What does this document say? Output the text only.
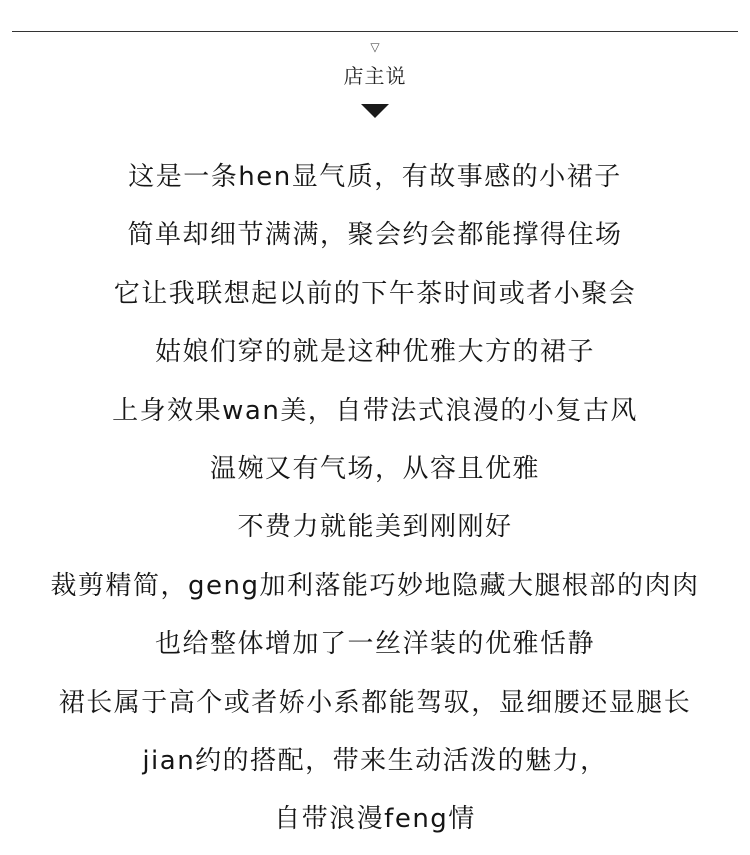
▽
店主说
这是一条hen显气质，有故事感的小裙子
简单却细节满满，聚会约会都能撑得住场
它让我联想起以前的下午茶时间或者小聚会
姑娘们穿的就是这种优雅大方的裙子
上身效果wan美，自带法式浪漫的小复古风
温婉又有气场，从容且优雅
不费力就能美到刚刚好
裁剪精简，geng加利落能巧妙地隐藏大腿根部的肉肉
也给整体增加了一丝洋装的优雅恬静
裙长属于高个或者娇小系都能驾驭，显细腰还显腿长
jian约的搭配，带来生动活泼的魅力，
自带浪漫feng情
